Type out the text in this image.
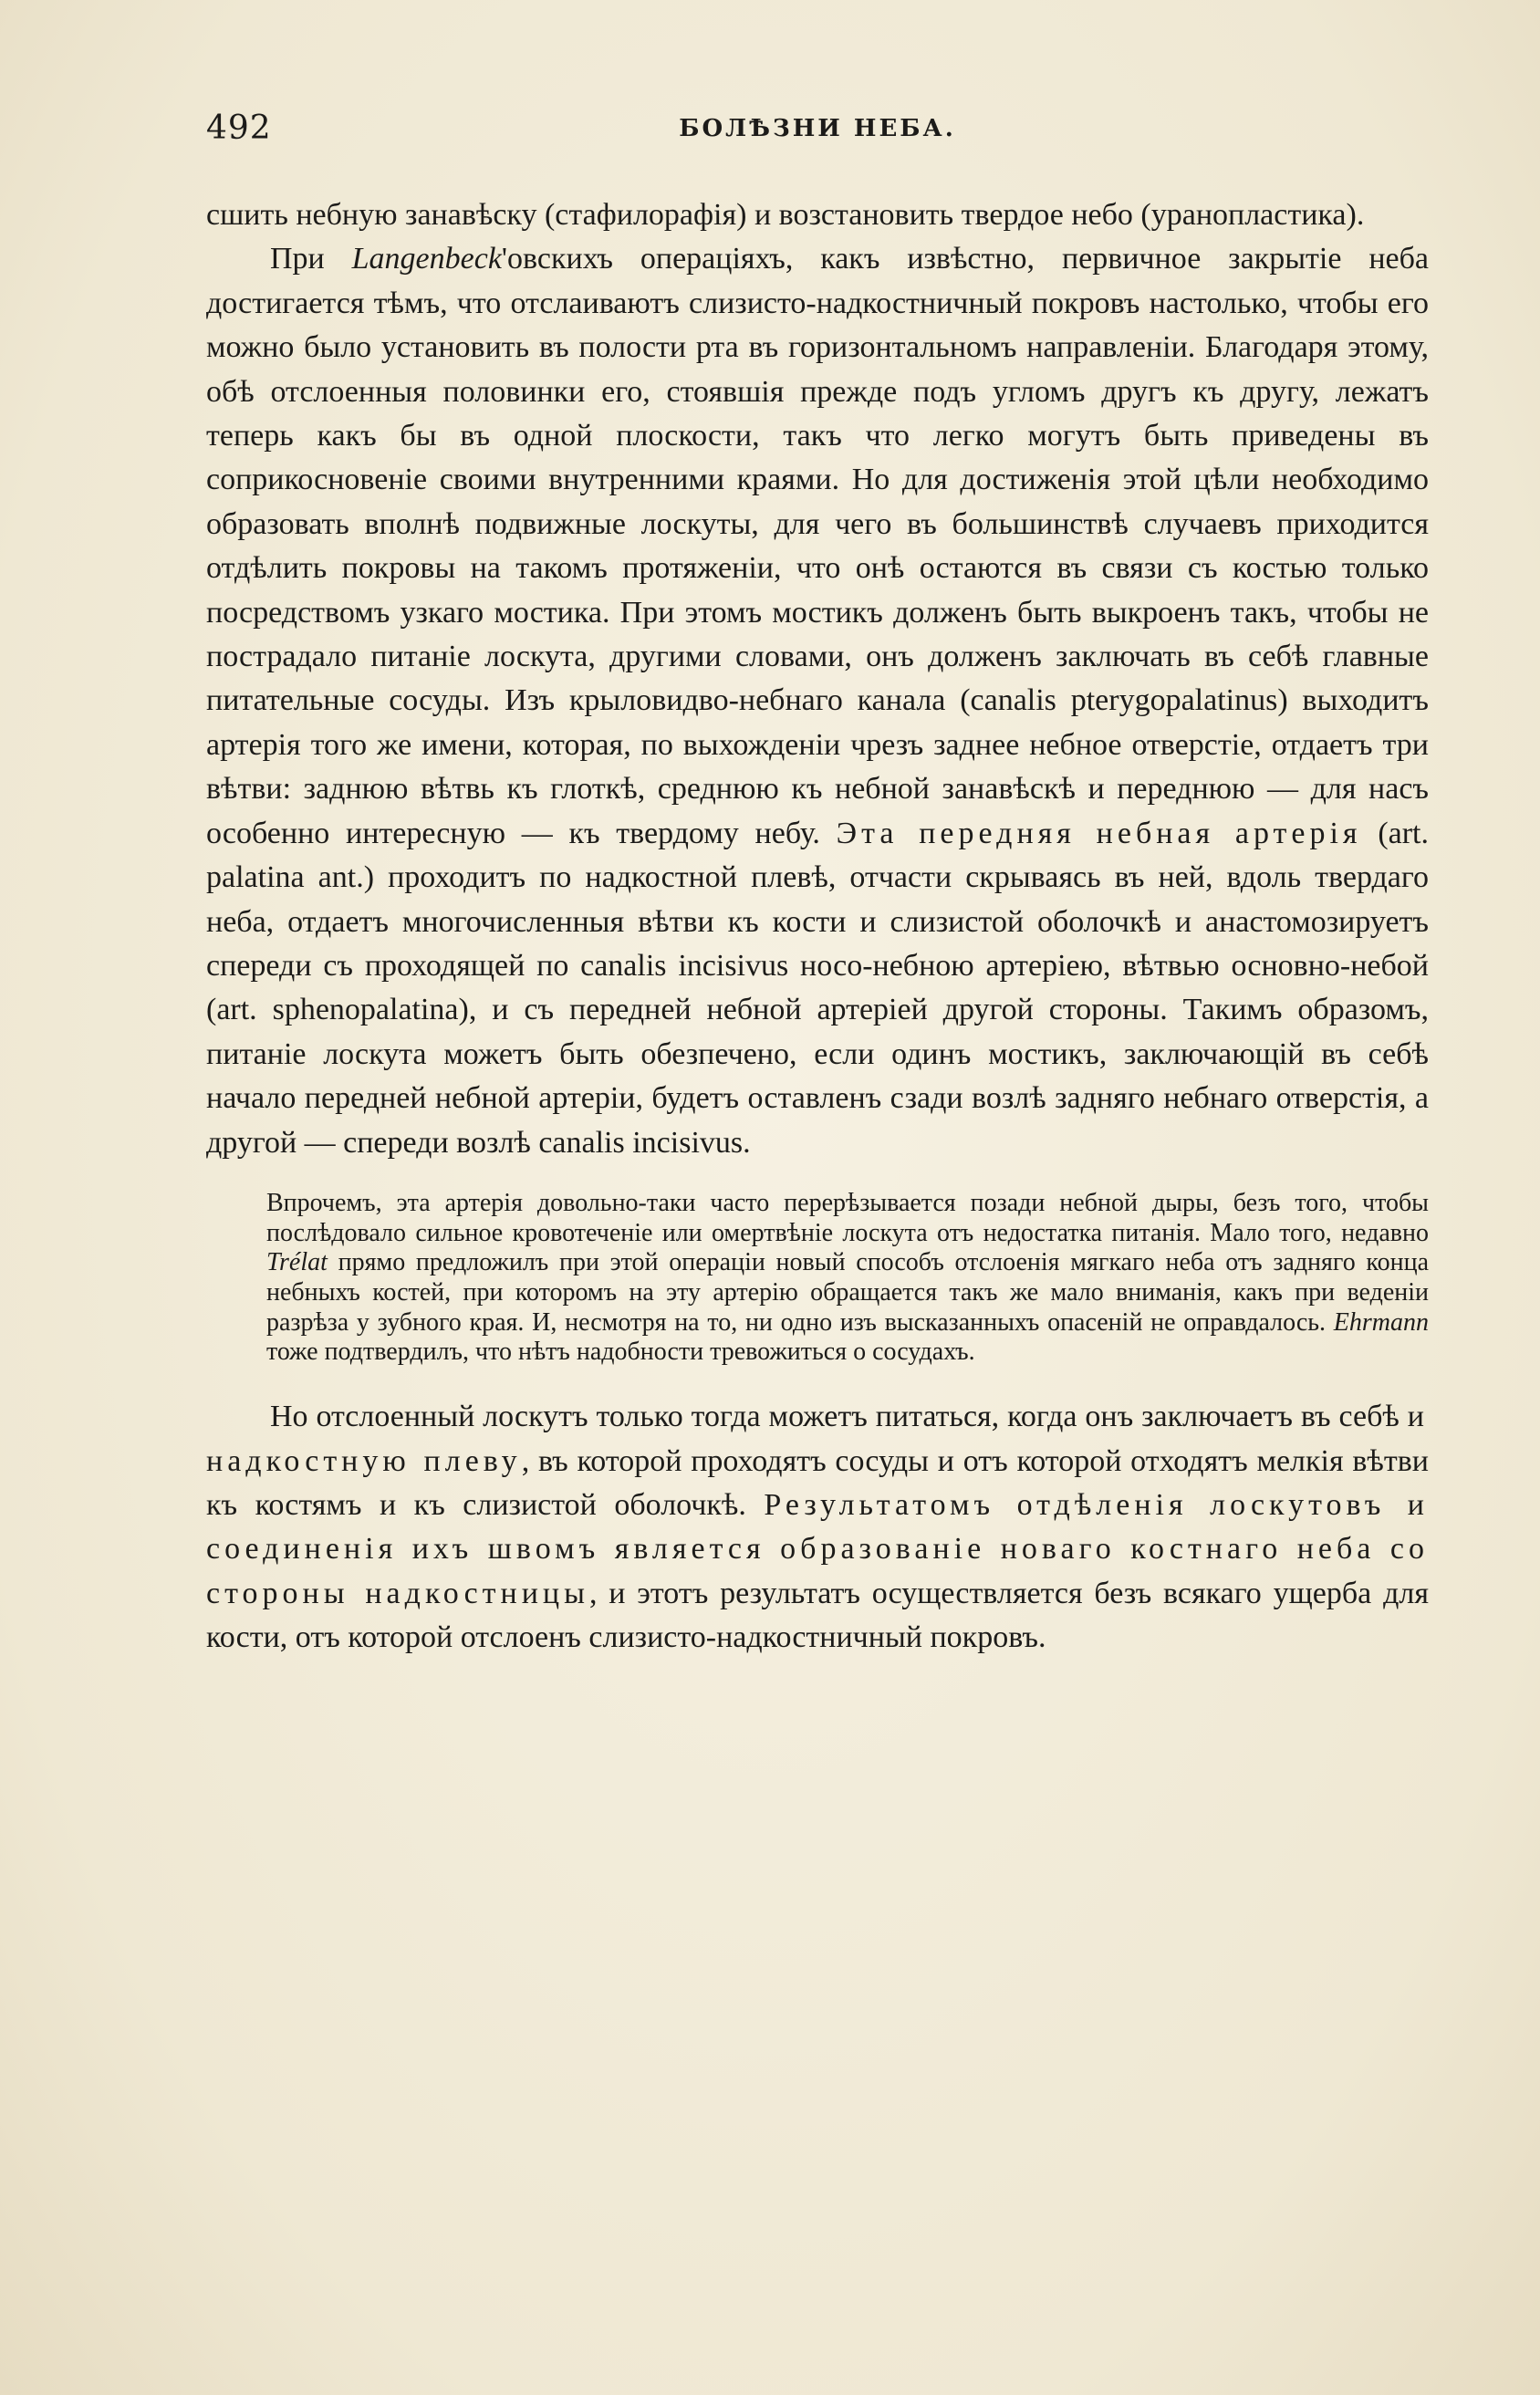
492	БОЛѢЗНИ НЕБА.

сшить небную занавѣску (стафилорафія) и возстановить твердое небо (уранопластика).

При Langenbeck'овскихъ операціяхъ, какъ извѣстно, первичное закрытіе неба достигается тѣмъ, что отслаиваютъ слизисто-надкостничный покровъ настолько, чтобы его можно было установить въ полости рта въ горизонтальномъ направленіи. Благодаря этому, обѣ отслоенныя половинки его, стоявшія прежде подъ угломъ другъ къ другу, лежатъ теперь какъ бы въ одной плоскости, такъ что легко могутъ быть приведены въ соприкосновеніе своими внутренними краями. Но для достиженія этой цѣли необходимо образовать вполнѣ подвижные лоскуты, для чего въ большинствѣ случаевъ приходится отдѣлить покровы на такомъ протяженіи, что онѣ остаются въ связи съ костью только посредствомъ узкаго мостика. При этомъ мостикъ долженъ быть выкроенъ такъ, чтобы не пострадало питаніе лоскута, другими словами, онъ долженъ заключать въ себѣ главные питательные сосуды. Изъ крыловидво-небнаго канала (canalis pterygopalatinus) выходитъ артерія того же имени, которая, по выхожденіи чрезъ заднее небное отверстіе, отдаетъ три вѣтви: заднюю вѣтвь къ глоткѣ, среднюю къ небной занавѣскѣ и переднюю — для насъ особенно интересную — къ твердому небу. Эта передняя небная артерія (art. palatina ant.) проходитъ по надкостной плевѣ, отчасти скрываясь въ ней, вдоль твердаго неба, отдаетъ многочисленныя вѣтви къ кости и слизистой оболочкѣ и анастомозируетъ спереди съ проходящей по canalis incisivus носо-небною артеріею, вѣтвью основно-небой (art. sphenopalatina), и съ передней небной артеріей другой стороны. Такимъ образомъ, питаніе лоскута можетъ быть обезпечено, если одинъ мостикъ, заключающій въ себѣ начало передней небной артеріи, будетъ оставленъ сзади возлѣ задняго небнаго отверстія, а другой — спереди возлѣ canalis incisivus.

Впрочемъ, эта артерія довольно-таки часто перерѣзывается позади небной дыры, безъ того, чтобы послѣдовало сильное кровотеченіе или омертвѣніе лоскута отъ недостатка питанія. Мало того, недавно Trélat прямо предложилъ при этой операціи новый способъ отслоенія мягкаго неба отъ задняго конца небныхъ костей, при которомъ на эту артерію обращается такъ же мало вниманія, какъ при веденіи разрѣза у зубного края. И, несмотря на то, ни одно изъ высказанныхъ опасеній не оправдалось. Ehrmann тоже подтвердилъ, что нѣтъ надобности тревожиться о сосудахъ.

Но отслоенный лоскутъ только тогда можетъ питаться, когда онъ заключаетъ въ себѣ и надкостную плеву, въ которой проходятъ сосуды и отъ которой отходятъ мелкія вѣтви къ костямъ и къ слизистой оболочкѣ. Результатомъ отдѣленія лоскутовъ и соединенія ихъ швомъ является образованіе новаго костнаго неба со стороны надкостницы, и этотъ результатъ осуществляется безъ всякаго ущерба для кости, отъ которой отслоенъ слизисто-надкостничный покровъ.
